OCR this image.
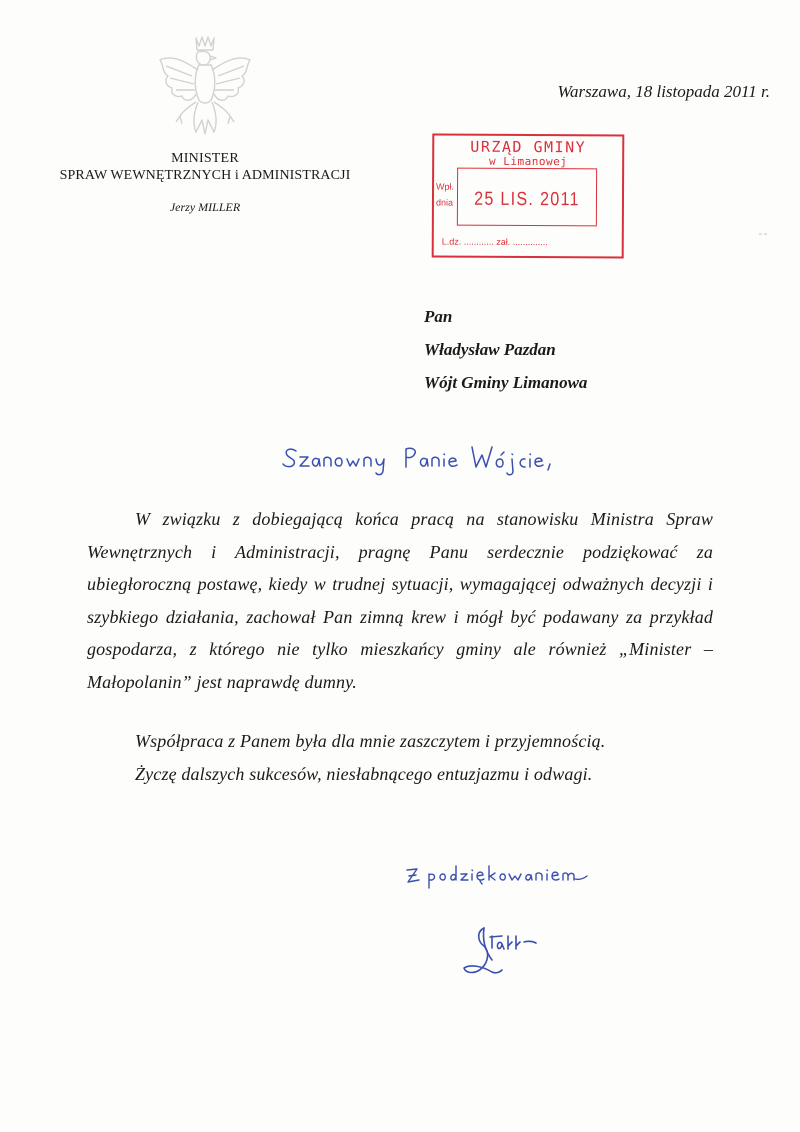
MINISTER
SPRAW WEWNĘTRZNYCH i ADMINISTRACJI
Jerzy MILLER
Warszawa, 18 listopada 2011 r.
URZĄD GMINY
w Limanowej
Wpł.
dnia	25 LIS. 2011
L.dz. ............ zał. ..............
Pan
Władysław Pazdan
Wójt Gminy Limanowa

W związku z dobiegającą końca pracą na stanowisku Ministra Spraw Wewnętrznych i Administracji, pragnę Panu serdecznie podziękować za ubiegłoroczną postawę, kiedy w trudnej sytuacji, wymagającej odważnych decyzji i szybkiego działania, zachował Pan zimną krew i mógł być podawany za przykład gospodarza, z którego nie tylko mieszkańcy gminy ale również „Minister – Małopolanin” jest naprawdę dumny.

Współpraca z Panem była dla mnie zaszczytem i przyjemnością.
Życzę dalszych sukcesów, niesłabnącego entuzjazmu i odwagi.
